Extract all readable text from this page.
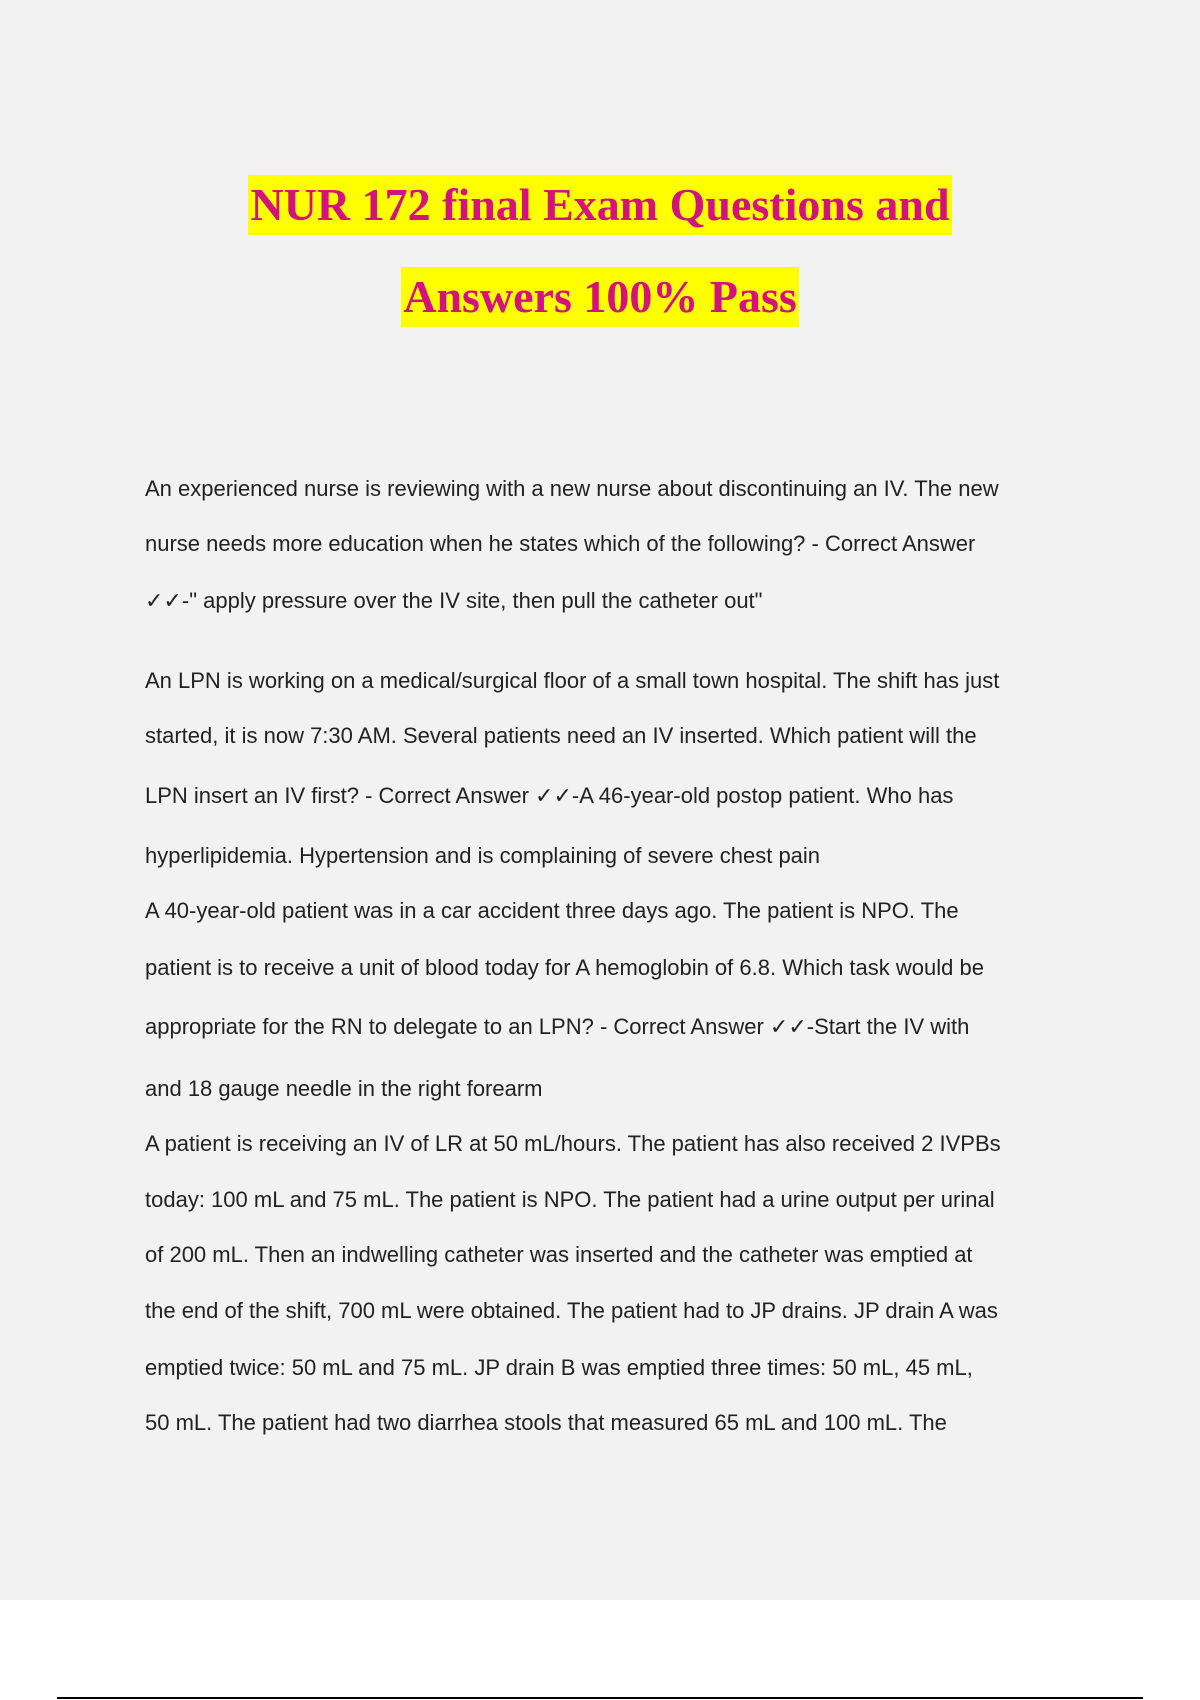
NUR 172 final Exam Questions and
Answers 100% Pass
An experienced nurse is reviewing with a new nurse about discontinuing an IV. The new
nurse needs more education when he states which of the following? - Correct Answer
✓✓-" apply pressure over the IV site, then pull the catheter out"
An LPN is working on a medical/surgical floor of a small town hospital. The shift has just
started, it is now 7:30 AM. Several patients need an IV inserted. Which patient will the
LPN insert an IV first? - Correct Answer ✓✓-A 46-year-old postop patient. Who has
hyperlipidemia. Hypertension and is complaining of severe chest pain
A 40-year-old patient was in a car accident three days ago. The patient is NPO. The
patient is to receive a unit of blood today for A hemoglobin of 6.8. Which task would be
appropriate for the RN to delegate to an LPN? - Correct Answer ✓✓-Start the IV with
and 18 gauge needle in the right forearm
A patient is receiving an IV of LR at 50 mL/hours. The patient has also received 2 IVPBs
today: 100 mL and 75 mL. The patient is NPO. The patient had a urine output per urinal
of 200 mL. Then an indwelling catheter was inserted and the catheter was emptied at
the end of the shift, 700 mL were obtained. The patient had to JP drains. JP drain A was
emptied twice: 50 mL and 75 mL. JP drain B was emptied three times: 50 mL, 45 mL,
50 mL. The patient had two diarrhea stools that measured 65 mL and 100 mL. The
